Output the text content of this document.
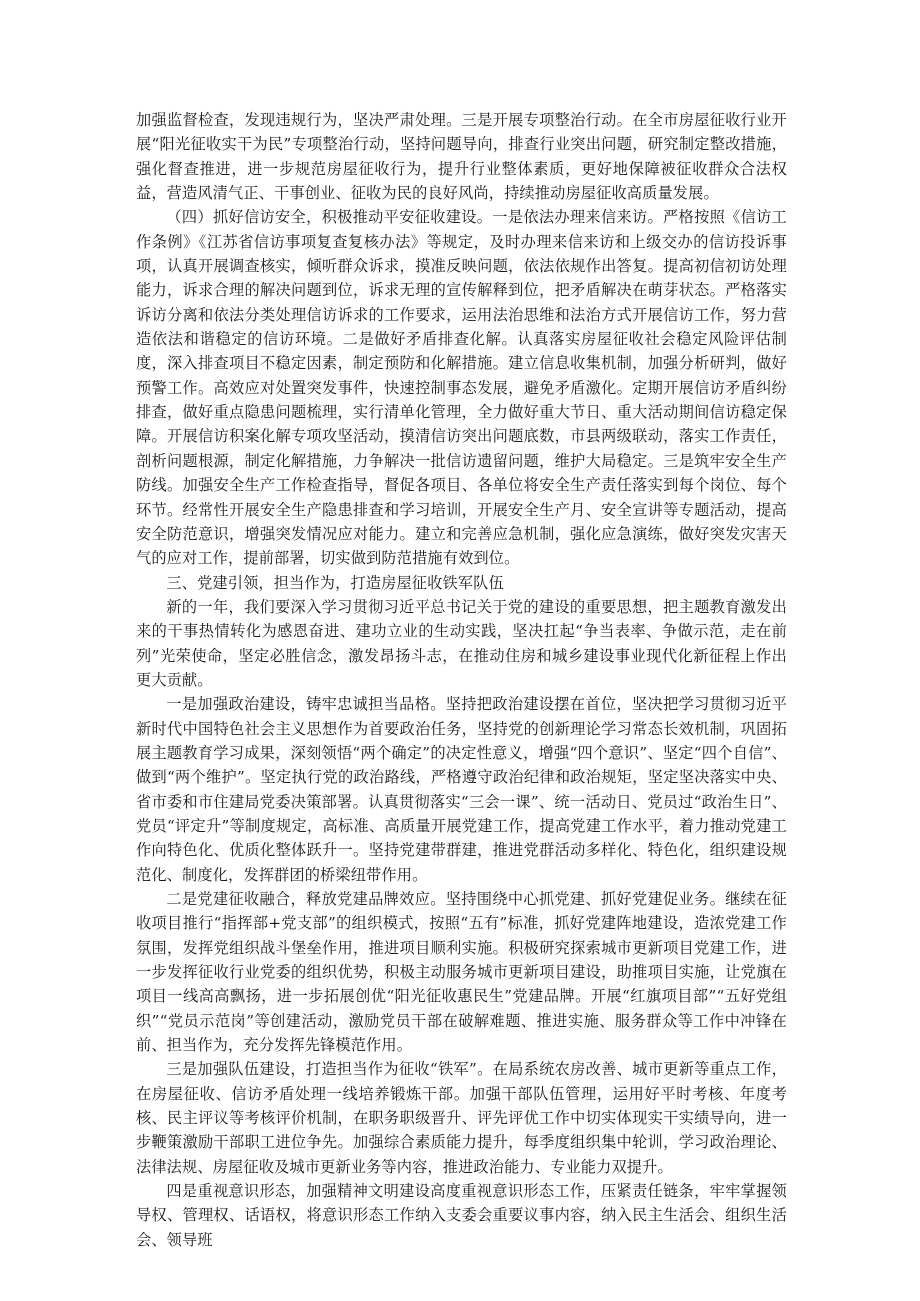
加强监督检查，发现违规行为，坚决严肃处理。三是开展专项整治行动。在全市房屋征收行业开展“阳光征收实干为民”专项整治行动，坚持问题导向，排查行业突出问题，研究制定整改措施，强化督查推进，进一步规范房屋征收行为，提升行业整体素质，更好地保障被征收群众合法权益，营造风清气正、干事创业、征收为民的良好风尚，持续推动房屋征收高质量发展。

（四）抓好信访安全，积极推动平安征收建设。一是依法办理来信来访。严格按照《信访工作条例》《江苏省信访事项复查复核办法》等规定，及时办理来信来访和上级交办的信访投诉事项，认真开展调查核实，倾听群众诉求，摸准反映问题，依法依规作出答复。提高初信初访处理能力，诉求合理的解决问题到位，诉求无理的宣传解释到位，把矛盾解决在萌芽状态。严格落实诉访分离和依法分类处理信访诉求的工作要求，运用法治思维和法治方式开展信访工作，努力营造依法和谐稳定的信访环境。二是做好矛盾排查化解。认真落实房屋征收社会稳定风险评估制度，深入排查项目不稳定因素，制定预防和化解措施。建立信息收集机制，加强分析研判，做好预警工作。高效应对处置突发事件，快速控制事态发展，避免矛盾激化。定期开展信访矛盾纠纷排查，做好重点隐患问题梳理，实行清单化管理，全力做好重大节日、重大活动期间信访稳定保障。开展信访积案化解专项攻坚活动，摸清信访突出问题底数，市县两级联动，落实工作责任，剖析问题根源，制定化解措施，力争解决一批信访遗留问题，维护大局稳定。三是筑牢安全生产防线。加强安全生产工作检查指导，督促各项目、各单位将安全生产责任落实到每个岗位、每个环节。经常性开展安全生产隐患排查和学习培训，开展安全生产月、安全宣讲等专题活动，提高安全防范意识，增强突发情况应对能力。建立和完善应急机制，强化应急演练，做好突发灾害天气的应对工作，提前部署，切实做到防范措施有效到位。

三、党建引领，担当作为，打造房屋征收铁军队伍

新的一年，我们要深入学习贯彻习近平总书记关于党的建设的重要思想，把主题教育激发出来的干事热情转化为感恩奋进、建功立业的生动实践，坚决扛起“争当表率、争做示范，走在前列”光荣使命，坚定必胜信念，激发昂扬斗志，在推动住房和城乡建设事业现代化新征程上作出更大贡献。

一是加强政治建设，铸牢忠诚担当品格。坚持把政治建设摆在首位，坚决把学习贯彻习近平新时代中国特色社会主义思想作为首要政治任务，坚持党的创新理论学习常态长效机制，巩固拓展主题教育学习成果，深刻领悟“两个确定”的决定性意义，增强“四个意识”、坚定“四个自信”、做到“两个维护”。坚定执行党的政治路线，严格遵守政治纪律和政治规矩，坚定坚决落实中央、省市委和市住建局党委决策部署。认真贯彻落实“三会一课”、统一活动日、党员过“政治生日”、党员“评定升”等制度规定，高标准、高质量开展党建工作，提高党建工作水平，着力推动党建工作向特色化、优质化整体跃升一。坚持党建带群建，推进党群活动多样化、特色化，组织建设规范化、制度化，发挥群团的桥梁纽带作用。

二是党建征收融合，释放党建品牌效应。坚持围绕中心抓党建、抓好党建促业务。继续在征收项目推行“指挥部+党支部”的组织模式，按照“五有”标准，抓好党建阵地建设，造浓党建工作氛围，发挥党组织战斗堡垒作用，推进项目顺利实施。积极研究探索城市更新项目党建工作，进一步发挥征收行业党委的组织优势，积极主动服务城市更新项目建设，助推项目实施，让党旗在项目一线高高飘扬，进一步拓展创优“阳光征收惠民生”党建品牌。开展“红旗项目部”“五好党组织”“党员示范岗”等创建活动，激励党员干部在破解难题、推进实施、服务群众等工作中冲锋在前、担当作为，充分发挥先锋模范作用。

三是加强队伍建设，打造担当作为征收“铁军”。在局系统农房改善、城市更新等重点工作，在房屋征收、信访矛盾处理一线培养锻炼干部。加强干部队伍管理，运用好平时考核、年度考核、民主评议等考核评价机制，在职务职级晋升、评先评优工作中切实体现实干实绩导向，进一步鞭策激励干部职工进位争先。加强综合素质能力提升，每季度组织集中轮训，学习政治理论、法律法规、房屋征收及城市更新业务等内容，推进政治能力、专业能力双提升。

四是重视意识形态，加强精神文明建设高度重视意识形态工作，压紧责任链条，牢牢掌握领导权、管理权、话语权，将意识形态工作纳入支委会重要议事内容，纳入民主生活会、组织生活会、领导班
